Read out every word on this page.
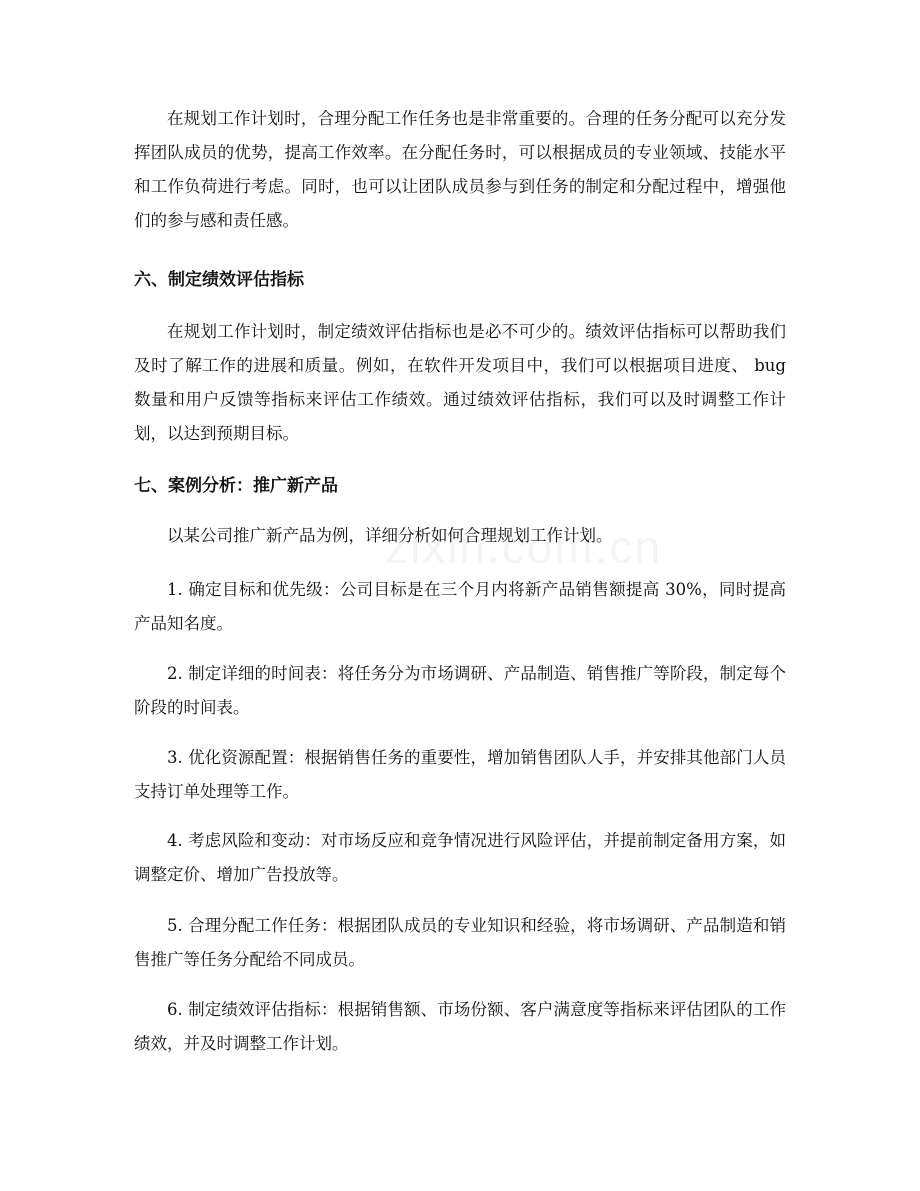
在规划工作计划时，合理分配工作任务也是非常重要的。合理的任务分配可以充分发挥团队成员的优势，提高工作效率。在分配任务时，可以根据成员的专业领域、技能水平和工作负荷进行考虑。同时，也可以让团队成员参与到任务的制定和分配过程中，增强他们的参与感和责任感。

六、制定绩效评估指标

在规划工作计划时，制定绩效评估指标也是必不可少的。绩效评估指标可以帮助我们及时了解工作的进展和质量。例如，在软件开发项目中，我们可以根据项目进度、 bug 数量和用户反馈等指标来评估工作绩效。通过绩效评估指标，我们可以及时调整工作计划，以达到预期目标。

七、案例分析：推广新产品

以某公司推广新产品为例，详细分析如何合理规划工作计划。

1. 确定目标和优先级：公司目标是在三个月内将新产品销售额提高 30%，同时提高产品知名度。

2. 制定详细的时间表：将任务分为市场调研、产品制造、销售推广等阶段，制定每个阶段的时间表。

3. 优化资源配置：根据销售任务的重要性，增加销售团队人手，并安排其他部门人员支持订单处理等工作。

4. 考虑风险和变动：对市场反应和竞争情况进行风险评估，并提前制定备用方案，如调整定价、增加广告投放等。

5. 合理分配工作任务：根据团队成员的专业知识和经验，将市场调研、产品制造和销售推广等任务分配给不同成员。

6. 制定绩效评估指标：根据销售额、市场份额、客户满意度等指标来评估团队的工作绩效，并及时调整工作计划。
